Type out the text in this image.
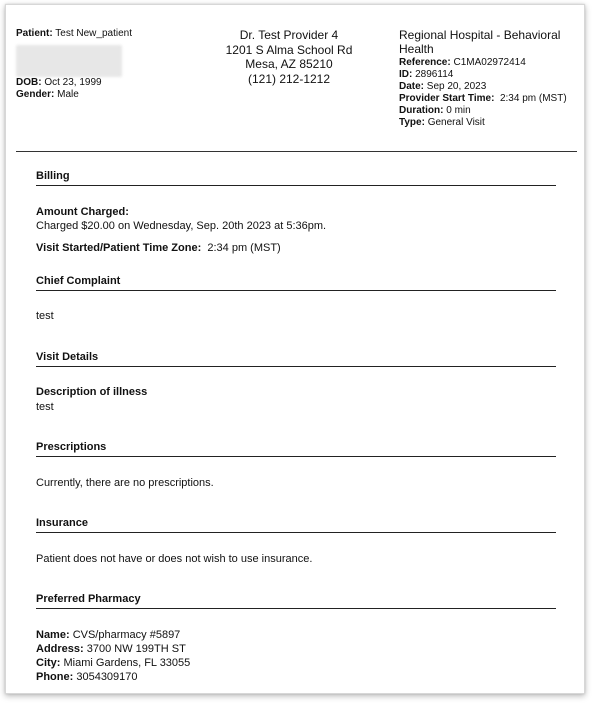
Patient: Test New_patient
DOB: Oct 23, 1999
Gender: Male
Dr. Test Provider 4
1201 S Alma School Rd
Mesa, AZ 85210
(121) 212-1212
Regional Hospital - Behavioral Health
Reference: C1MA02972414
ID: 2896114
Date: Sep 20, 2023
Provider Start Time: 2:34 pm (MST)
Duration: 0 min
Type: General Visit
Billing
Amount Charged:
Charged $20.00 on Wednesday, Sep. 20th 2023 at 5:36pm.
Visit Started/Patient Time Zone: 2:34 pm (MST)
Chief Complaint
test
Visit Details
Description of illness
test
Prescriptions
Currently, there are no prescriptions.
Insurance
Patient does not have or does not wish to use insurance.
Preferred Pharmacy
Name: CVS/pharmacy #5897
Address: 3700 NW 199TH ST
City: Miami Gardens, FL 33055
Phone: 3054309170
